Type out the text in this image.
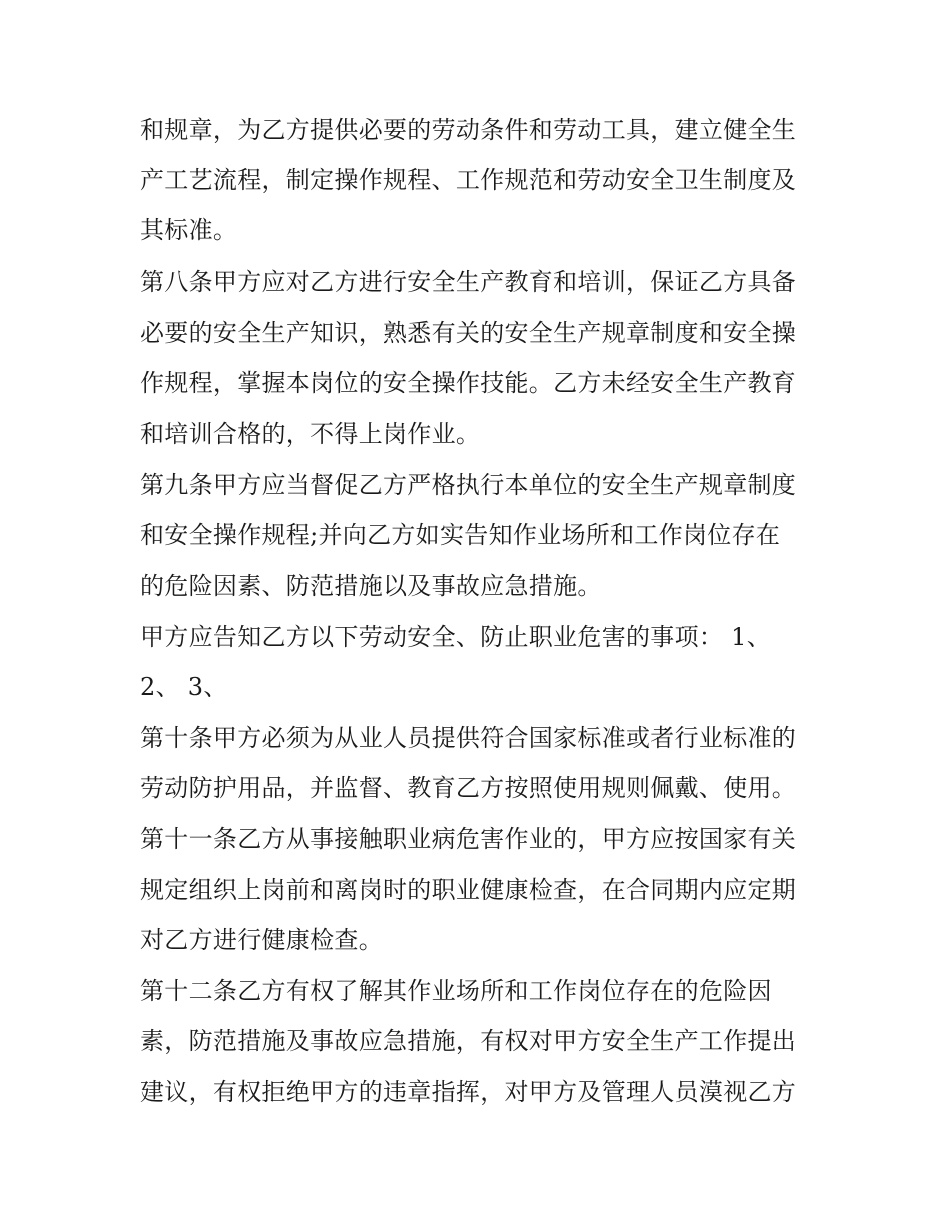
和规章，为乙方提供必要的劳动条件和劳动工具，建立健全生
产工艺流程，制定操作规程、工作规范和劳动安全卫生制度及
其标准。
第八条甲方应对乙方进行安全生产教育和培训，保证乙方具备
必要的安全生产知识，熟悉有关的安全生产规章制度和安全操
作规程，掌握本岗位的安全操作技能。乙方未经安全生产教育
和培训合格的，不得上岗作业。
第九条甲方应当督促乙方严格执行本单位的安全生产规章制度
和安全操作规程;并向乙方如实告知作业场所和工作岗位存在
的危险因素、防范措施以及事故应急措施。
甲方应告知乙方以下劳动安全、防止职业危害的事项： 1、
2、 3、
第十条甲方必须为从业人员提供符合国家标准或者行业标准的
劳动防护用品，并监督、教育乙方按照使用规则佩戴、使用。
第十一条乙方从事接触职业病危害作业的，甲方应按国家有关
规定组织上岗前和离岗时的职业健康检查，在合同期内应定期
对乙方进行健康检查。
第十二条乙方有权了解其作业场所和工作岗位存在的危险因
素，防范措施及事故应急措施，有权对甲方安全生产工作提出
建议，有权拒绝甲方的违章指挥，对甲方及管理人员漠视乙方
